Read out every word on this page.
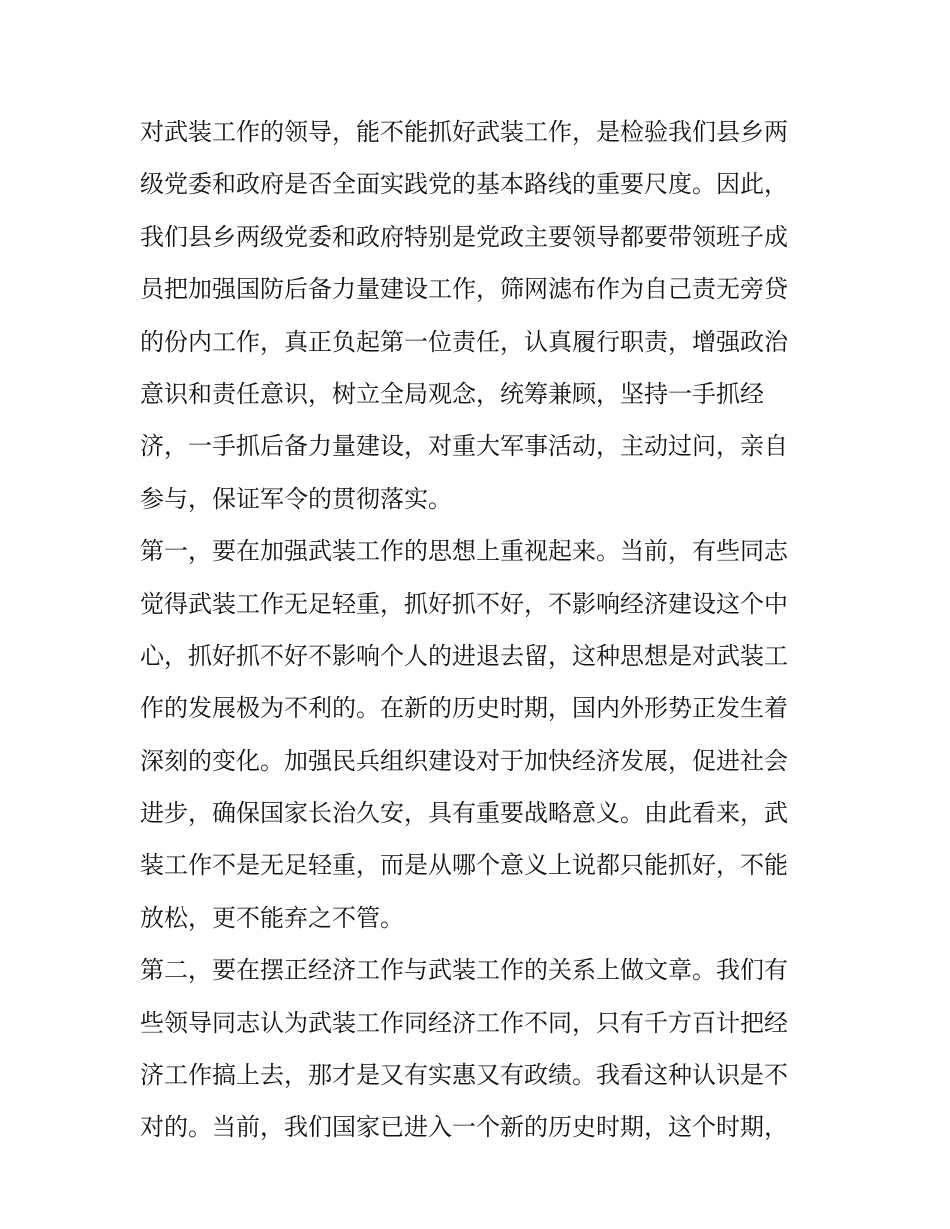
对武装工作的领导，能不能抓好武装工作，是检验我们县乡两
级党委和政府是否全面实践党的基本路线的重要尺度。因此，
我们县乡两级党委和政府特别是党政主要领导都要带领班子成
员把加强国防后备力量建设工作，筛网滤布作为自己责无旁贷
的份内工作，真正负起第一位责任，认真履行职责，增强政治
意识和责任意识，树立全局观念，统筹兼顾，坚持一手抓经
济，一手抓后备力量建设，对重大军事活动，主动过问，亲自
参与，保证军令的贯彻落实。
第一，要在加强武装工作的思想上重视起来。当前，有些同志
觉得武装工作无足轻重，抓好抓不好，不影响经济建设这个中
心，抓好抓不好不影响个人的进退去留，这种思想是对武装工
作的发展极为不利的。在新的历史时期，国内外形势正发生着
深刻的变化。加强民兵组织建设对于加快经济发展，促进社会
进步，确保国家长治久安，具有重要战略意义。由此看来，武
装工作不是无足轻重，而是从哪个意义上说都只能抓好，不能
放松，更不能弃之不管。
第二，要在摆正经济工作与武装工作的关系上做文章。我们有
些领导同志认为武装工作同经济工作不同，只有千方百计把经
济工作搞上去，那才是又有实惠又有政绩。我看这种认识是不
对的。当前，我们国家已进入一个新的历史时期，这个时期，
